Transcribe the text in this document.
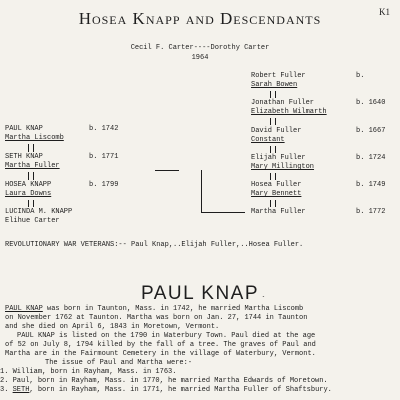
K1
Hosea Knapp and Descendants
Cecil F. Carter----Dorothy Carter
1964
PAUL KNAP	b. 1742
Martha Liscomb
SETH KNAP	b. 1771
Martha Fuller
HOSEA KNAPP	b. 1799
Laura Downs
LUCINDA M. KNAPP
Elihue Carter
Robert Fuller	b.
Sarah Bowen
Jonathan Fuller	b. 1640
Elizabeth Wilmarth
David Fuller	b. 1667
Constant
Elijah Fuller	b. 1724
Mary Millington
Hosea Fuller	b. 1749
Mary Bennett
Martha Fuller	b. 1772
REVOLUTIONARY WAR VETERANS:-- Paul Knap,..Elijah Fuller,..Hosea Fuller.
PAUL KNAP `
PAUL KNAP was born in Taunton, Mass. in 1742, he married Martha Liscomb
on November 1762 at Taunton. Martha was born on Jan. 27, 1744 in Taunton
and she died on April 6, 1843 in Moretown, Vermont.
PAUL KNAP is listed on the 1790 in Waterbury Town. Paul died at the age
of 52 on July 8, 1794 killed by the fall of a tree. The graves of Paul and
Martha are in the Fairmount Cemetery in the village of Waterbury, Vermont.
The issue of Paul and Martha were:-
1. William, born in Rayham, Mass. in 1763.
2. Paul, born in Rayham, Mass. in 1770, he married Martha Edwards of Moretown.
3. SETH, born in Rayham, Mass. in 1771, he married Martha Fuller of Shaftsbury.
